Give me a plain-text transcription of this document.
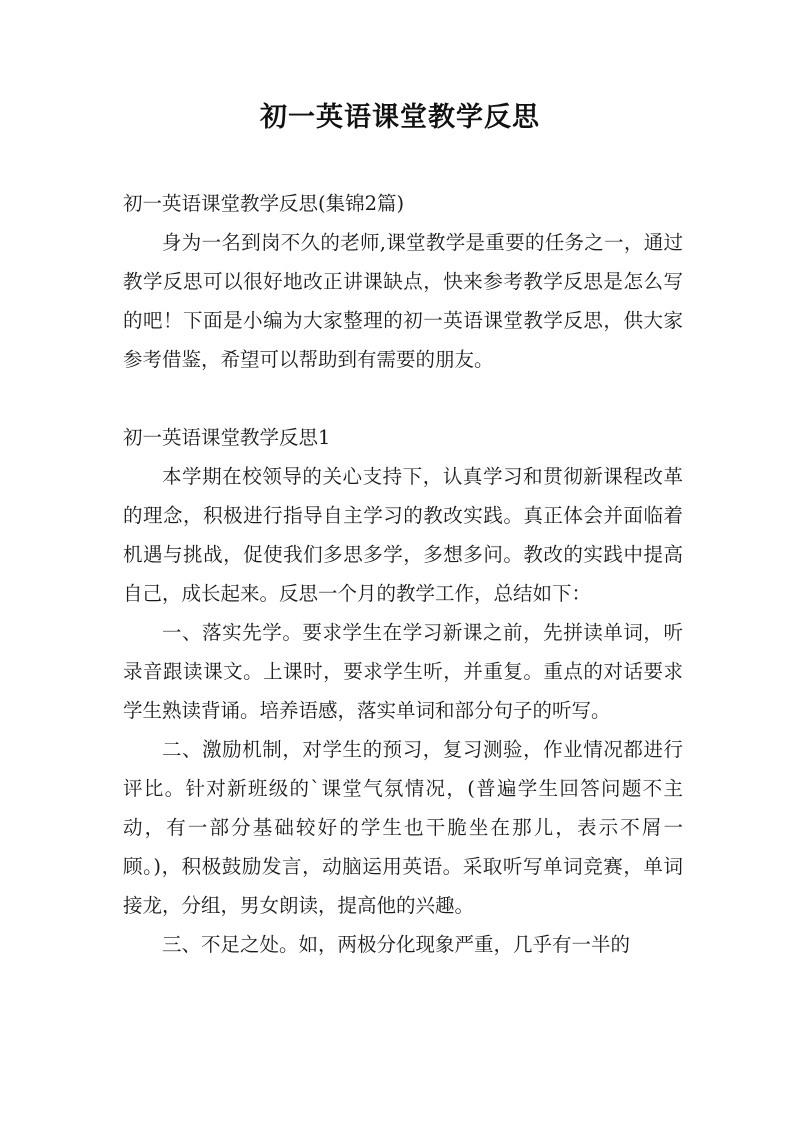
初一英语课堂教学反思

初一英语课堂教学反思(集锦2篇)

身为一名到岗不久的老师,课堂教学是重要的任务之一，通过教学反思可以很好地改正讲课缺点，快来参考教学反思是怎么写的吧！下面是小编为大家整理的初一英语课堂教学反思，供大家参考借鉴，希望可以帮助到有需要的朋友。

初一英语课堂教学反思1

本学期在校领导的关心支持下，认真学习和贯彻新课程改革的理念，积极进行指导自主学习的教改实践。真正体会并面临着机遇与挑战，促使我们多思多学，多想多问。教改的实践中提高自己，成长起来。反思一个月的教学工作，总结如下：

一、落实先学。要求学生在学习新课之前，先拼读单词，听录音跟读课文。上课时，要求学生听，并重复。重点的对话要求学生熟读背诵。培养语感，落实单词和部分句子的听写。

二、激励机制，对学生的预习，复习测验，作业情况都进行评比。针对新班级的`课堂气氛情况，(普遍学生回答问题不主动，有一部分基础较好的学生也干脆坐在那儿，表示不屑一顾。)，积极鼓励发言，动脑运用英语。采取听写单词竞赛，单词接龙，分组，男女朗读，提高他的兴趣。

三、不足之处。如，两极分化现象严重，几乎有一半的
